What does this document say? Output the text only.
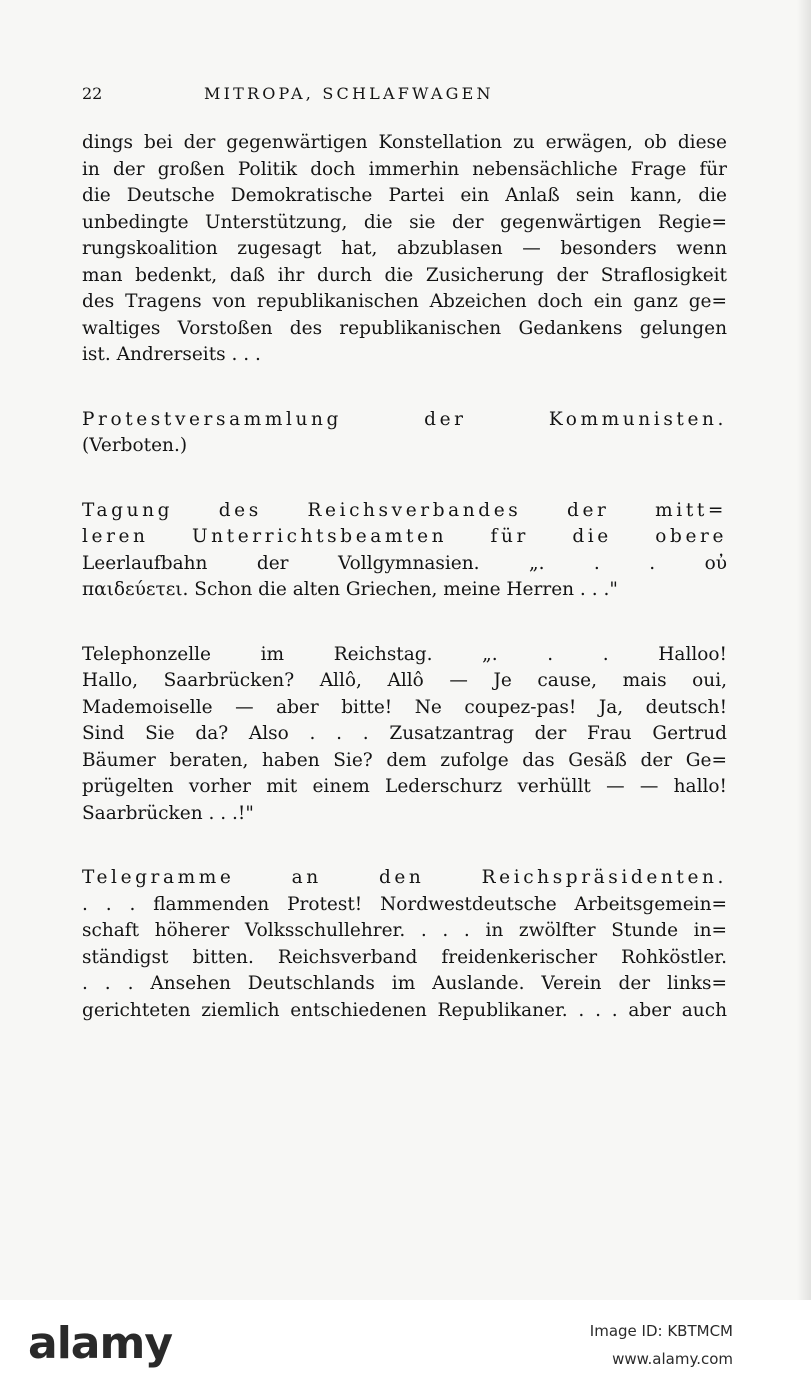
22	MITROPA, SCHLAFWAGEN
dings bei der gegenwärtigen Konstellation zu erwägen, ob diese
in der großen Politik doch immerhin nebensächliche Frage für
die Deutsche Demokratische Partei ein Anlaß sein kann, die
unbedingte Unterstützung, die sie der gegenwärtigen Regie=
rungskoalition zugesagt hat, abzublasen — besonders wenn
man bedenkt, daß ihr durch die Zusicherung der Straflosigkeit
des Tragens von republikanischen Abzeichen doch ein ganz ge=
waltiges Vorstoßen des republikanischen Gedankens gelungen
ist. Andrerseits . . .
Protestversammlung der Kommunisten.
(Verboten.)
Tagung des Reichsverbandes der mitt=
leren Unterrichtsbeamten für die obere
Leerlaufbahn der Vollgymnasien. „. . . οὐ
παιδεύετει. Schon die alten Griechen, meine Herren . . ."
Telephonzelle im Reichstag. „. . . Halloo!
Hallo, Saarbrücken? Allô, Allô — Je cause, mais oui,
Mademoiselle — aber bitte! Ne coupez-pas! Ja, deutsch!
Sind Sie da? Also . . . Zusatzantrag der Frau Gertrud
Bäumer beraten, haben Sie? dem zufolge das Gesäß der Ge=
prügelten vorher mit einem Lederschurz verhüllt — — hallo!
Saarbrücken . . .!"
Telegramme an den Reichspräsidenten.
. . . flammenden Protest! Nordwestdeutsche Arbeitsgemein=
schaft höherer Volksschullehrer. . . . in zwölfter Stunde in=
ständigst bitten. Reichsverband freidenkerischer Rohköstler.
. . . Ansehen Deutschlands im Auslande. Verein der links=
gerichteten ziemlich entschiedenen Republikaner. . . . aber auch
alamy	Image ID: KBTMCM
www.alamy.com
